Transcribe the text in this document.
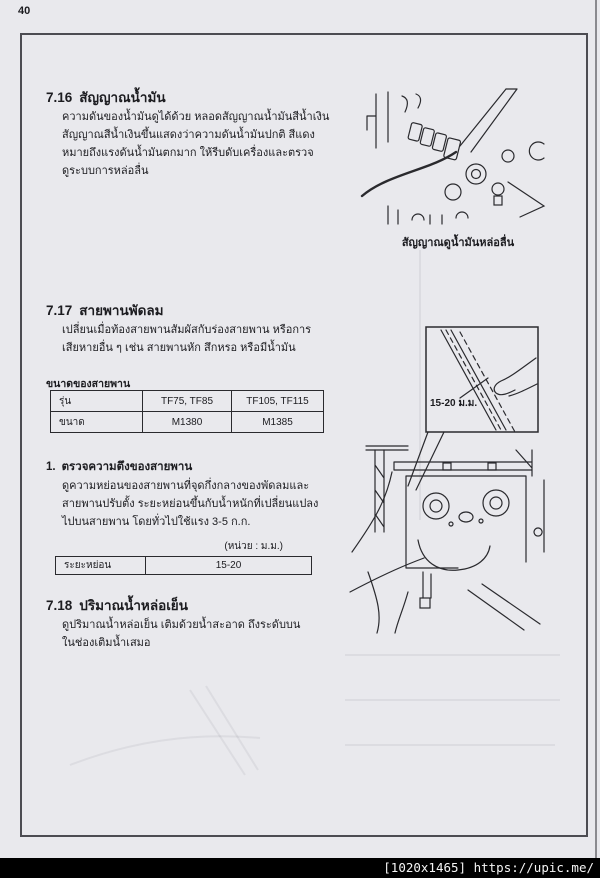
40
7.16 สัญญาณน้ำมัน
ความดันของน้ำมันดูได้ด้วย หลอดสัญญาณน้ำมันสีน้ำเงิน
สัญญาณสีน้ำเงินขึ้นแสดงว่าความดันน้ำมันปกติ สีแดง
หมายถึงแรงดันน้ำมันตกมาก ให้รีบดับเครื่องและตรวจ
ดูระบบการหล่อลื่น
สัญญาณดูน้ำมันหล่อลื่น
7.17 สายพานพัดลม
เปลี่ยนเมื่อท้องสายพานสัมผัสกับร่องสายพาน หรือการ
เสียหายอื่น ๆ เช่น สายพานหัก สึกหรอ หรือมีน้ำมัน
ขนาดของสายพาน
รุ่น	TF75, TF85	TF105, TF115
ขนาด	M1380	M1385
1. ตรวจความตึงของสายพาน
ดูความหย่อนของสายพานที่จุดกึ่งกลางของพัดลมและ
สายพานปรับตั้ง ระยะหย่อนขึ้นกับน้ำหนักที่เปลี่ยนแปลง
ไปบนสายพาน โดยทั่วไปใช้แรง 3-5 ก.ก.
(หน่วย : ม.ม.)
ระยะหย่อน	15-20
7.18 ปริมาณน้ำหล่อเย็น
ดูปริมาณน้ำหล่อเย็น เติมด้วยน้ำสะอาด ถึงระดับบน
ในช่องเติมน้ำเสมอ
15-20 ม.ม.
[1020x1465] https://upic.me/
